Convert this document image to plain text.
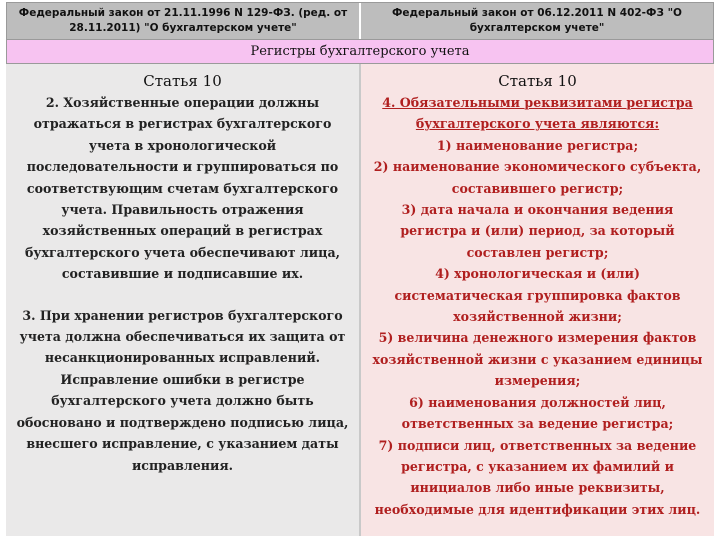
Федеральный закон от 21.11.1996 N 129-ФЗ. (ред. от 28.11.2011) "О бухгалтерском учете"
Федеральный закон от 06.12.2011 N 402-ФЗ "О бухгалтерском учете"
Регистры бухгалтерского учета
Статья 10

2. Хозяйственные операции должны отражаться в регистрах бухгалтерского учета в хронологической последовательности и группироваться по соответствующим счетам бухгалтерского учета. Правильность отражения хозяйственных операций в регистрах бухгалтерского учета обеспечивают лица, составившие и подписавшие их.

3. При хранении регистров бухгалтерского учета должна обеспечиваться их защита от несанкционированных исправлений. Исправление ошибки в регистре бухгалтерского учета должно быть обосновано и подтверждено подписью лица, внесшего исправление, с указанием даты исправления.

Статья 10

4. Обязательными реквизитами регистра бухгалтерского учета являются:

1) наименование регистра;

2) наименование экономического субъекта, составившего регистр;

3) дата начала и окончания ведения регистра и (или) период, за который составлен регистр;

4) хронологическая и (или) систематическая группировка фактов хозяйственной жизни;

5) величина денежного измерения фактов хозяйственной жизни с указанием единицы измерения;

6) наименования должностей лиц, ответственных за ведение регистра;

7) подписи лиц, ответственных за ведение регистра, с указанием их фамилий и инициалов либо иные реквизиты, необходимые для идентификации этих лиц.
